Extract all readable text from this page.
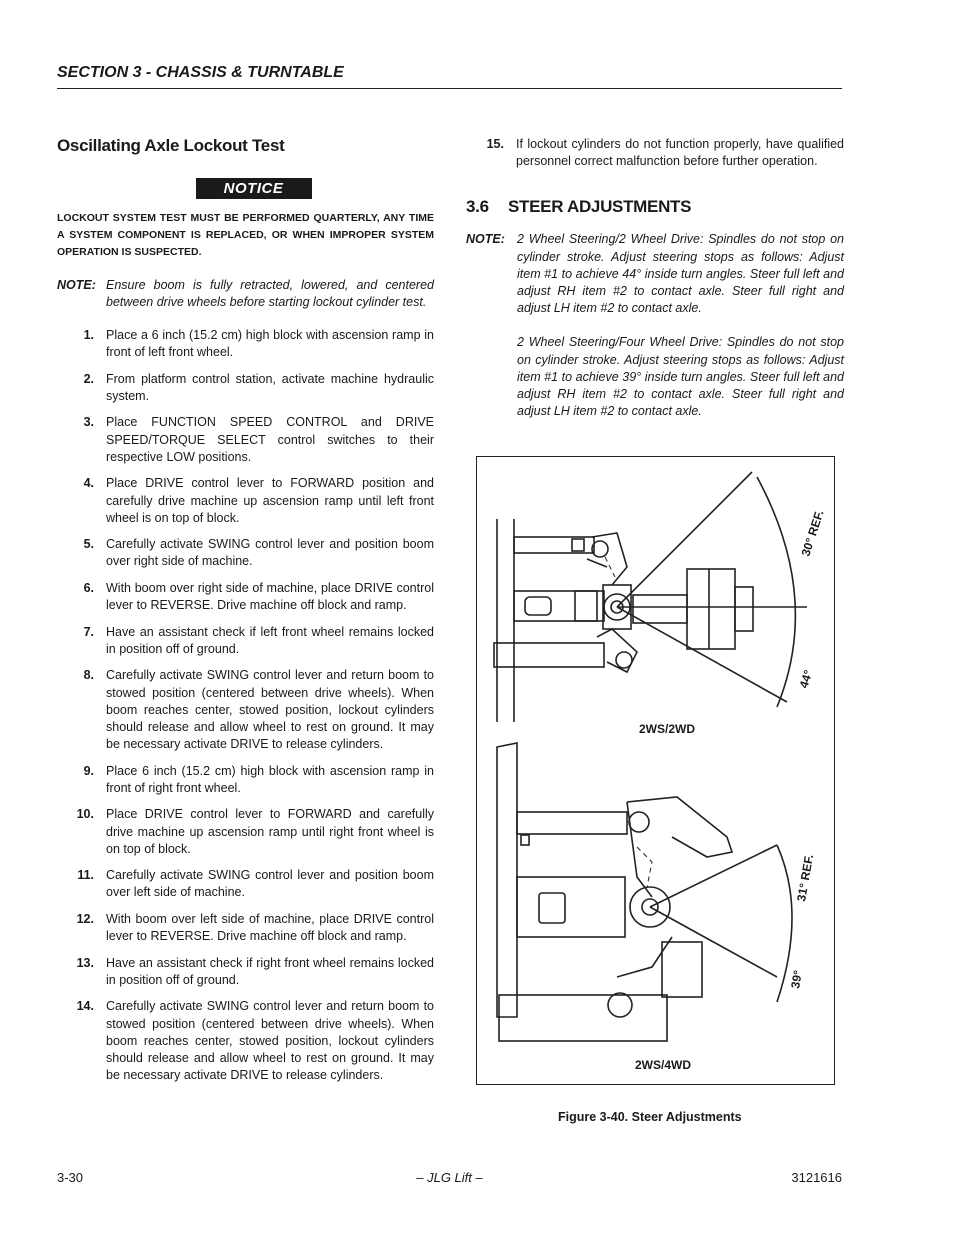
SECTION 3 - CHASSIS & TURNTABLE
Oscillating Axle Lockout Test
NOTICE
LOCKOUT SYSTEM TEST MUST BE PERFORMED QUARTERLY, ANY TIME A SYSTEM COMPONENT IS REPLACED, OR WHEN IMPROPER SYSTEM OPERATION IS SUSPECTED.
NOTE: Ensure boom is fully retracted, lowered, and centered between drive wheels before starting lockout cylinder test.
1. Place a 6 inch (15.2 cm) high block with ascension ramp in front of left front wheel.
2. From platform control station, activate machine hydraulic system.
3. Place FUNCTION SPEED CONTROL and DRIVE SPEED/TORQUE SELECT control switches to their respective LOW positions.
4. Place DRIVE control lever to FORWARD position and carefully drive machine up ascension ramp until left front wheel is on top of block.
5. Carefully activate SWING control lever and position boom over right side of machine.
6. With boom over right side of machine, place DRIVE control lever to REVERSE. Drive machine off block and ramp.
7. Have an assistant check if left front wheel remains locked in position off of ground.
8. Carefully activate SWING control lever and return boom to stowed position (centered between drive wheels). When boom reaches center, stowed position, lockout cylinders should release and allow wheel to rest on ground. It may be necessary activate DRIVE to release cylinders.
9. Place 6 inch (15.2 cm) high block with ascension ramp in front of right front wheel.
10. Place DRIVE control lever to FORWARD and carefully drive machine up ascension ramp until right front wheel is on top of block.
11. Carefully activate SWING control lever and position boom over left side of machine.
12. With boom over left side of machine, place DRIVE control lever to REVERSE. Drive machine off block and ramp.
13. Have an assistant check if right front wheel remains locked in position off of ground.
14. Carefully activate SWING control lever and return boom to stowed position (centered between drive wheels). When boom reaches center, stowed position, lockout cylinders should release and allow wheel to rest on ground. It may be necessary activate DRIVE to release cylinders.
15. If lockout cylinders do not function properly, have qualified personnel correct malfunction before further operation.
3.6	STEER ADJUSTMENTS
NOTE: 2 Wheel Steering/2 Wheel Drive: Spindles do not stop on cylinder stroke. Adjust steering stops as follows: Adjust item #1 to achieve 44° inside turn angles. Steer full left and adjust RH item #2 to contact axle. Steer full right and adjust LH item #2 to contact axle.

2 Wheel Steering/Four Wheel Drive: Spindles do not stop on cylinder stroke. Adjust steering stops as follows: Adjust item #1 to achieve 39° inside turn angles. Steer full left and adjust RH item #2 to contact axle. Steer full right and adjust LH item #2 to contact axle.

30° REF.
44°
2WS/2WD
31° REF.
39°
2WS/4WD
Figure 3-40. Steer Adjustments
3-30	– JLG Lift –	3121616
